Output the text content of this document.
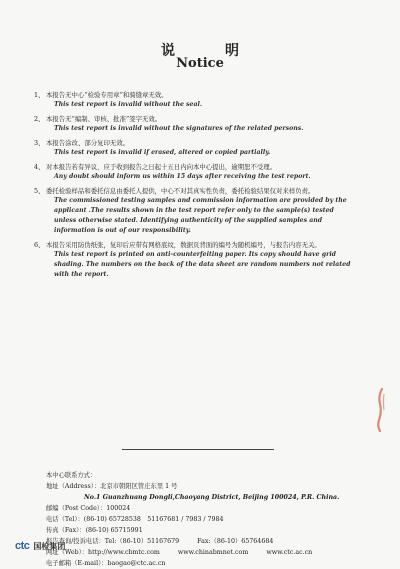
说　明
Notice
1、 本报告无中心“检验专用章”和骑缝章无效。
This test report is invalid without the seal.
2、 本报告无“编制、审核、批准”签字无效。
This test report is invalid without the signatures of the related persons.
3、 本报告涂改、部分复印无效。
This test report is invalid if erased, altered or copied partially.
4、 对本报告若有异议，应于收到报告之日起十五日内向本中心提出，逾期恕不受理。
Any doubt should inform us within 15 days after receiving the test report.
5、 委托检验样品和委托信息由委托人提供，中心不对其真实性负责，委托检验结果仅对来样负责。
The commissioned testing samples and commission information are provided by the applicant .The results shown in the test report refer only to the sample(s) tested unless otherwise stated. Identifying authenticity of the supplied samples and information is out of our responsibility.
6、 本报告采用防伪纸张，复印后应带有网格底纹，数据页背面的编号为随机编号，与报告内容无关。
This test report is printed on anti-counterfeiting paper. Its copy should have grid shading. The numbers on the back of the data sheet are random numbers not related with the report.
本中心联系方式：
地址（Address）：北京市朝阳区管庄东里 1 号
No.1 Guanzhuang Dongli,Chaoyang District, Beijing 100024, P.R. China.
邮编（Post Code）：100024
电话（Tel）：(86-10) 65728538　51167681 / 7983 / 7984
传真（Fax）：(86-10) 65715991
报告查询/投诉电话：Tel:（86-10）51167679	Fax:（86-10）65764684
网址（Web）：http://www.cbmtc.com	www.chinabmnet.com	www.ctc.ac.cn
电子邮箱（E-mail）：baogao@ctc.ac.cn
ctc 国检集团
